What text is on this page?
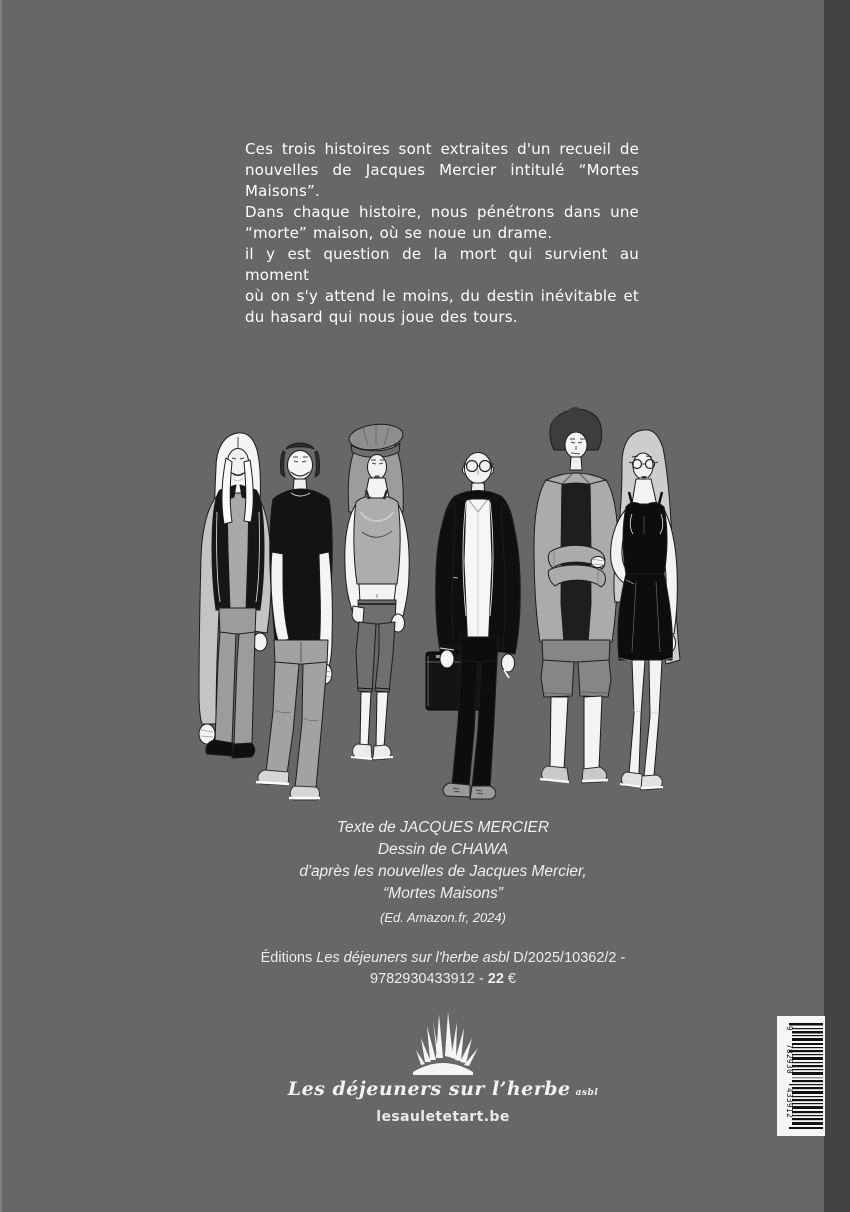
Ces trois histoires sont extraites d'un recueil de
nouvelles de Jacques Mercier intitulé “Mortes
Maisons”.
Dans chaque histoire, nous pénétrons dans une
“morte” maison, où se noue un drame.
il y est question de la mort qui survient au moment
où on s'y attend le moins, du destin inévitable et
du hasard qui nous joue des tours.
Texte de JACQUES MERCIER
Dessin de CHAWA
d'après les nouvelles de Jacques Mercier,
“Mortes Maisons”
(Ed. Amazon.fr, 2024)
Éditions Les déjeuners sur l'herbe asbl D/2025/10362/2 -
9782930433912 - 22 €
Les déjeuners sur l’herbe asbl
lesauletetart.be
9
782930
433912
